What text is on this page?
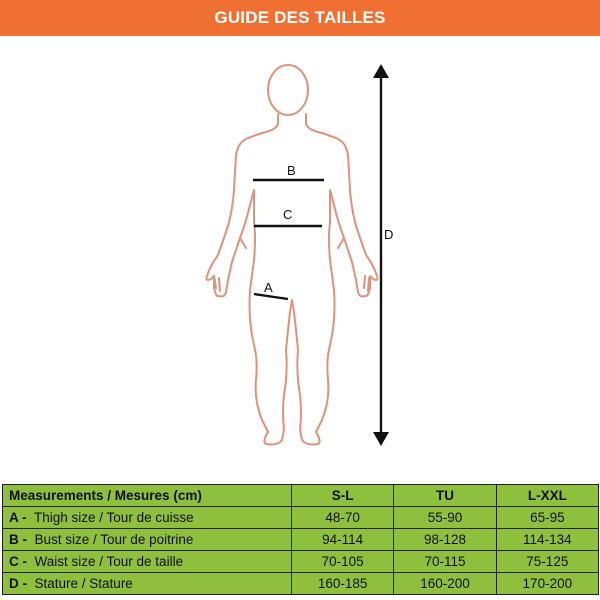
GUIDE DES TAILLES
B
C
A
D
Measurements / Mesures (cm)	S-L	TU	L-XXL
A - Thigh size / Tour de cuisse	48-70	55-90	65-95
B - Bust size / Tour de poitrine	94-114	98-128	114-134
C - Waist size / Tour de taille	70-105	70-115	75-125
D - Stature / Stature	160-185	160-200	170-200
